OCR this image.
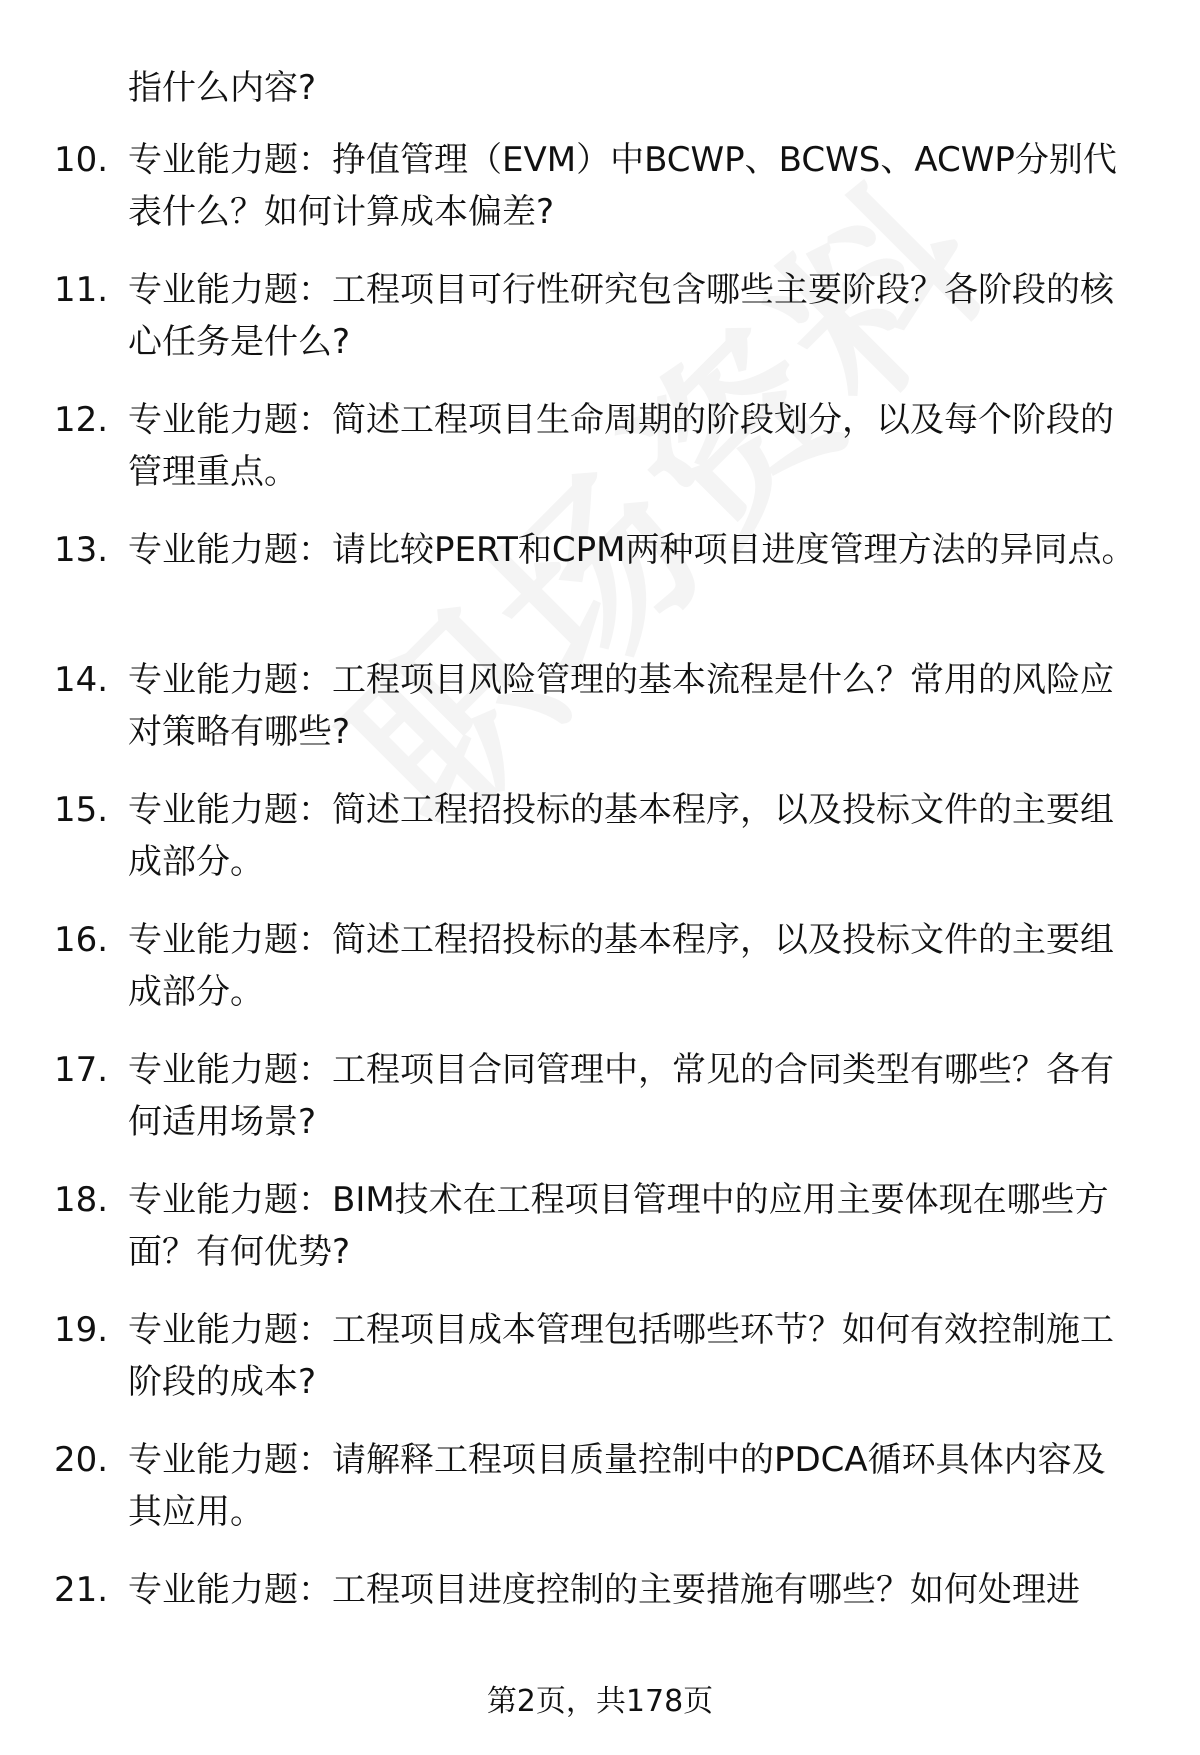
指什么内容?
10. 专业能力题：挣值管理（EVM）中BCWP、BCWS、ACWP分别代表什么？如何计算成本偏差?
11. 专业能力题：工程项目可行性研究包含哪些主要阶段？各阶段的核心任务是什么?
12. 专业能力题：简述工程项目生命周期的阶段划分，以及每个阶段的管理重点。
13. 专业能力题：请比较PERT和CPM两种项目进度管理方法的异同点。
14. 专业能力题：工程项目风险管理的基本流程是什么？常用的风险应对策略有哪些?
15. 专业能力题：简述工程招投标的基本程序，以及投标文件的主要组成部分。
16. 专业能力题：简述工程招投标的基本程序，以及投标文件的主要组成部分。
17. 专业能力题：工程项目合同管理中，常见的合同类型有哪些？各有何适用场景?
18. 专业能力题：BIM技术在工程项目管理中的应用主要体现在哪些方面？有何优势?
19. 专业能力题：工程项目成本管理包括哪些环节？如何有效控制施工阶段的成本?
20. 专业能力题：请解释工程项目质量控制中的PDCA循环具体内容及其应用。
21. 专业能力题：工程项目进度控制的主要措施有哪些？如何处理进
第2页，共178页
